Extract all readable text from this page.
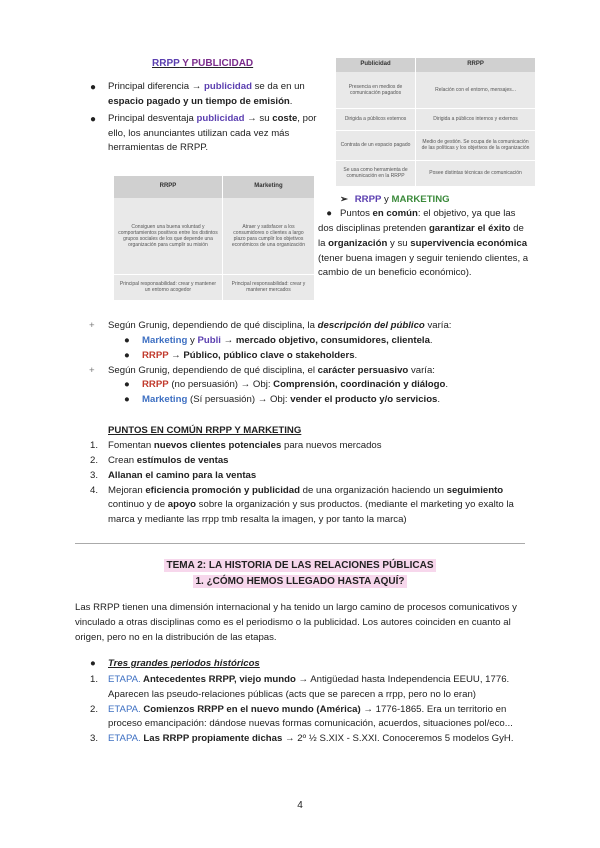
RRPP Y PUBLICIDAD
● Principal diferencia → publicidad se da en un espacio pagado y un tiempo de emisión.
● Principal desventaja publicidad → su coste, por ello, los anunciantes utilizan cada vez más herramientas de RRPP.
Publicidad	RRPP
Presencia en medios de comunicación pagados	Relación con el entorno, mensajes...
Dirigida a públicos externos	Dirigida a públicos internos y externos
Contrata de un espacio pagado	Medio de gestión. Se ocupa de la comunicación de las políticas y los objetivos de la organización
Se usa como herramienta de comunicación en la RRPP	Posee distintas técnicas de comunicación
RRPP	Marketing
Consiguen una buena voluntad y comportamientos positivos entre los distintos grupos sociales de los que depende una organización para cumplir su misión	Atraer y satisfacer a los consumidores o clientes a largo plazo para cumplir los objetivos económicos de una organización
Principal responsabilidad: crear y mantener un entorno acogedor	Principal responsabilidad: crear y mantener mercados
➢ RRPP y MARKETING
● Puntos en común: el objetivo, ya que las dos disciplinas pretenden garantizar el éxito de la organización y su supervivencia económica (tener buena imagen y seguir teniendo clientes, a cambio de un beneficio económico).
+ Según Grunig, dependiendo de qué disciplina, la descripción del público varía:
● Marketing y Publi → mercado objetivo, consumidores, clientela.
● RRPP → Público, público clave o stakeholders.
+ Según Grunig, dependiendo de qué disciplina, el carácter persuasivo varía:
● RRPP (no persuasión) → Obj: Comprensión, coordinación y diálogo.
● Marketing (Sí persuasión) → Obj: vender el producto y/o servicios.
PUNTOS EN COMÚN RRPP Y MARKETING
1. Fomentan nuevos clientes potenciales para nuevos mercados
2. Crean estímulos de ventas
3. Allanan el camino para la ventas
4. Mejoran eficiencia promoción y publicidad de una organización haciendo un seguimiento continuo y de apoyo sobre la organización y sus productos. (mediante el marketing yo exalto la marca y mediante las rrpp tmb resalta la imagen, y por tanto la marca)
TEMA 2: LA HISTORIA DE LAS RELACIONES PÚBLICAS
1. ¿CÓMO HEMOS LLEGADO HASTA AQUÍ?
Las RRPP tienen una dimensión internacional y ha tenido un largo camino de procesos comunicativos y vinculado a otras disciplinas como es el periodismo o la publicidad. Los autores coinciden en cuanto al origen, pero no en la distribución de las etapas.
● Tres grandes periodos históricos
1. ETAPA. Antecedentes RRPP, viejo mundo → Antigüedad hasta Independencia EEUU, 1776. Aparecen las pseudo-relaciones públicas (acts que se parecen a rrpp, pero no lo eran)
2. ETAPA. Comienzos RRPP en el nuevo mundo (América) → 1776-1865. Era un territorio en proceso emancipación: dándose nuevas formas comunicación, acuerdos, situaciones pol/eco...
3. ETAPA. Las RRPP propiamente dichas → 2º ½ S.XIX - S.XXI. Conoceremos 5 modelos GyH.
4
